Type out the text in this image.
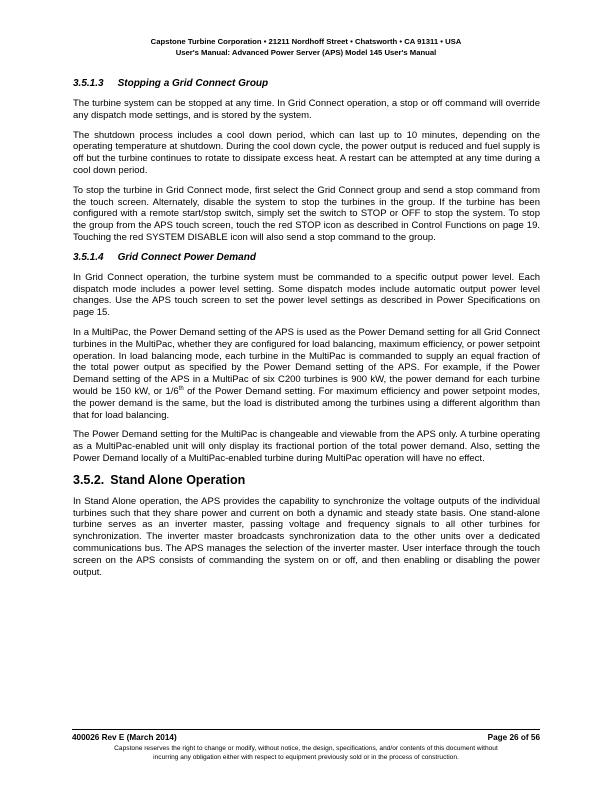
Capstone Turbine Corporation • 21211 Nordhoff Street • Chatsworth • CA 91311 • USA
User's Manual: Advanced Power Server (APS) Model 145 User's Manual
3.5.1.3 Stopping a Grid Connect Group

The turbine system can be stopped at any time. In Grid Connect operation, a stop or off command will override any dispatch mode settings, and is stored by the system.

The shutdown process includes a cool down period, which can last up to 10 minutes, depending on the operating temperature at shutdown. During the cool down cycle, the power output is reduced and fuel supply is off but the turbine continues to rotate to dissipate excess heat. A restart can be attempted at any time during a cool down period.

To stop the turbine in Grid Connect mode, first select the Grid Connect group and send a stop command from the touch screen. Alternately, disable the system to stop the turbines in the group. If the turbine has been configured with a remote start/stop switch, simply set the switch to STOP or OFF to stop the system. To stop the group from the APS touch screen, touch the red STOP icon as described in Control Functions on page 19. Touching the red SYSTEM DISABLE icon will also send a stop command to the group.

3.5.1.4 Grid Connect Power Demand

In Grid Connect operation, the turbine system must be commanded to a specific output power level. Each dispatch mode includes a power level setting. Some dispatch modes include automatic output power level changes. Use the APS touch screen to set the power level settings as described in Power Specifications on page 15.

In a MultiPac, the Power Demand setting of the APS is used as the Power Demand setting for all Grid Connect turbines in the MultiPac, whether they are configured for load balancing, maximum efficiency, or power setpoint operation. In load balancing mode, each turbine in the MultiPac is commanded to supply an equal fraction of the total power output as specified by the Power Demand setting of the APS. For example, if the Power Demand setting of the APS in a MultiPac of six C200 turbines is 900 kW, the power demand for each turbine would be 150 kW, or 1/6th of the Power Demand setting. For maximum efficiency and power setpoint modes, the power demand is the same, but the load is distributed among the turbines using a different algorithm than that for load balancing.

The Power Demand setting for the MultiPac is changeable and viewable from the APS only. A turbine operating as a MultiPac-enabled unit will only display its fractional portion of the total power demand. Also, setting the Power Demand locally of a MultiPac-enabled turbine during MultiPac operation will have no effect.

3.5.2. Stand Alone Operation

In Stand Alone operation, the APS provides the capability to synchronize the voltage outputs of the individual turbines such that they share power and current on both a dynamic and steady state basis. One stand-alone turbine serves as an inverter master, passing voltage and frequency signals to all other turbines for synchronization. The inverter master broadcasts synchronization data to the other units over a dedicated communications bus. The APS manages the selection of the inverter master. User interface through the touch screen on the APS consists of commanding the system on or off, and then enabling or disabling the power output.

400026 Rev E (March 2014)	Page 26 of 56
Capstone reserves the right to change or modify, without notice, the design, specifications, and/or contents of this document without
incurring any obligation either with respect to equipment previously sold or in the process of construction.
